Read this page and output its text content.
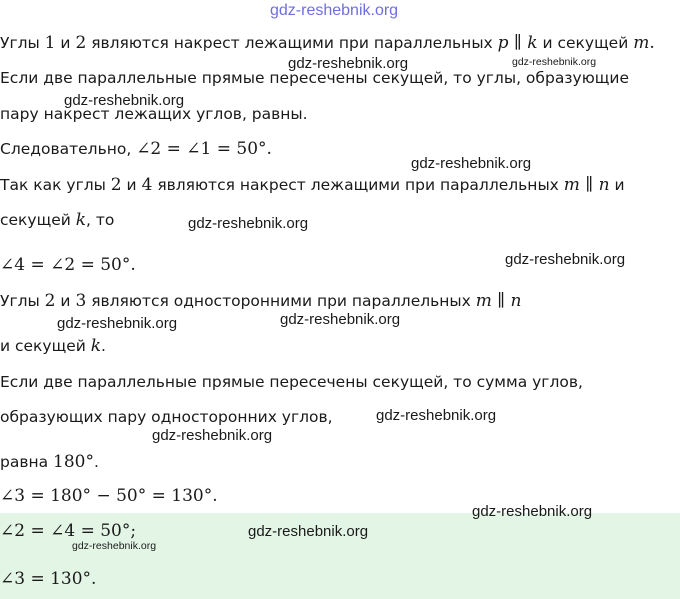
Углы 1 и 2 являются накрест лежащими при параллельных p ∥ k и секущей m.
Если две параллельные прямые пересечены секущей, то углы, образующие
пару накрест лежащих углов, равны.
Следовательно, ∠2 = ∠1 = 50°.
Так как углы 2 и 4 являются накрест лежащими при параллельных m ∥ n и
секущей k, то
∠4 = ∠2 = 50°.
Углы 2 и 3 являются односторонними при параллельных m ∥ n
и секущей k.
Если две параллельные прямые пересечены секущей, то сумма углов,
образующих пару односторонних углов,
равна 180°.
∠3 = 180° − 50° = 130°.
∠2 = ∠4 = 50°;
∠3 = 130°.
gdz-reshebnik.org
gdz-reshebnik.org	gdz-reshebnik.org
gdz-reshebnik.org
gdz-reshebnik.org
gdz-reshebnik.org
gdz-reshebnik.org
gdz-reshebnik.org
gdz-reshebnik.org
gdz-reshebnik.org
gdz-reshebnik.org
gdz-reshebnik.org
gdz-reshebnik.org
gdz-reshebnik.org
